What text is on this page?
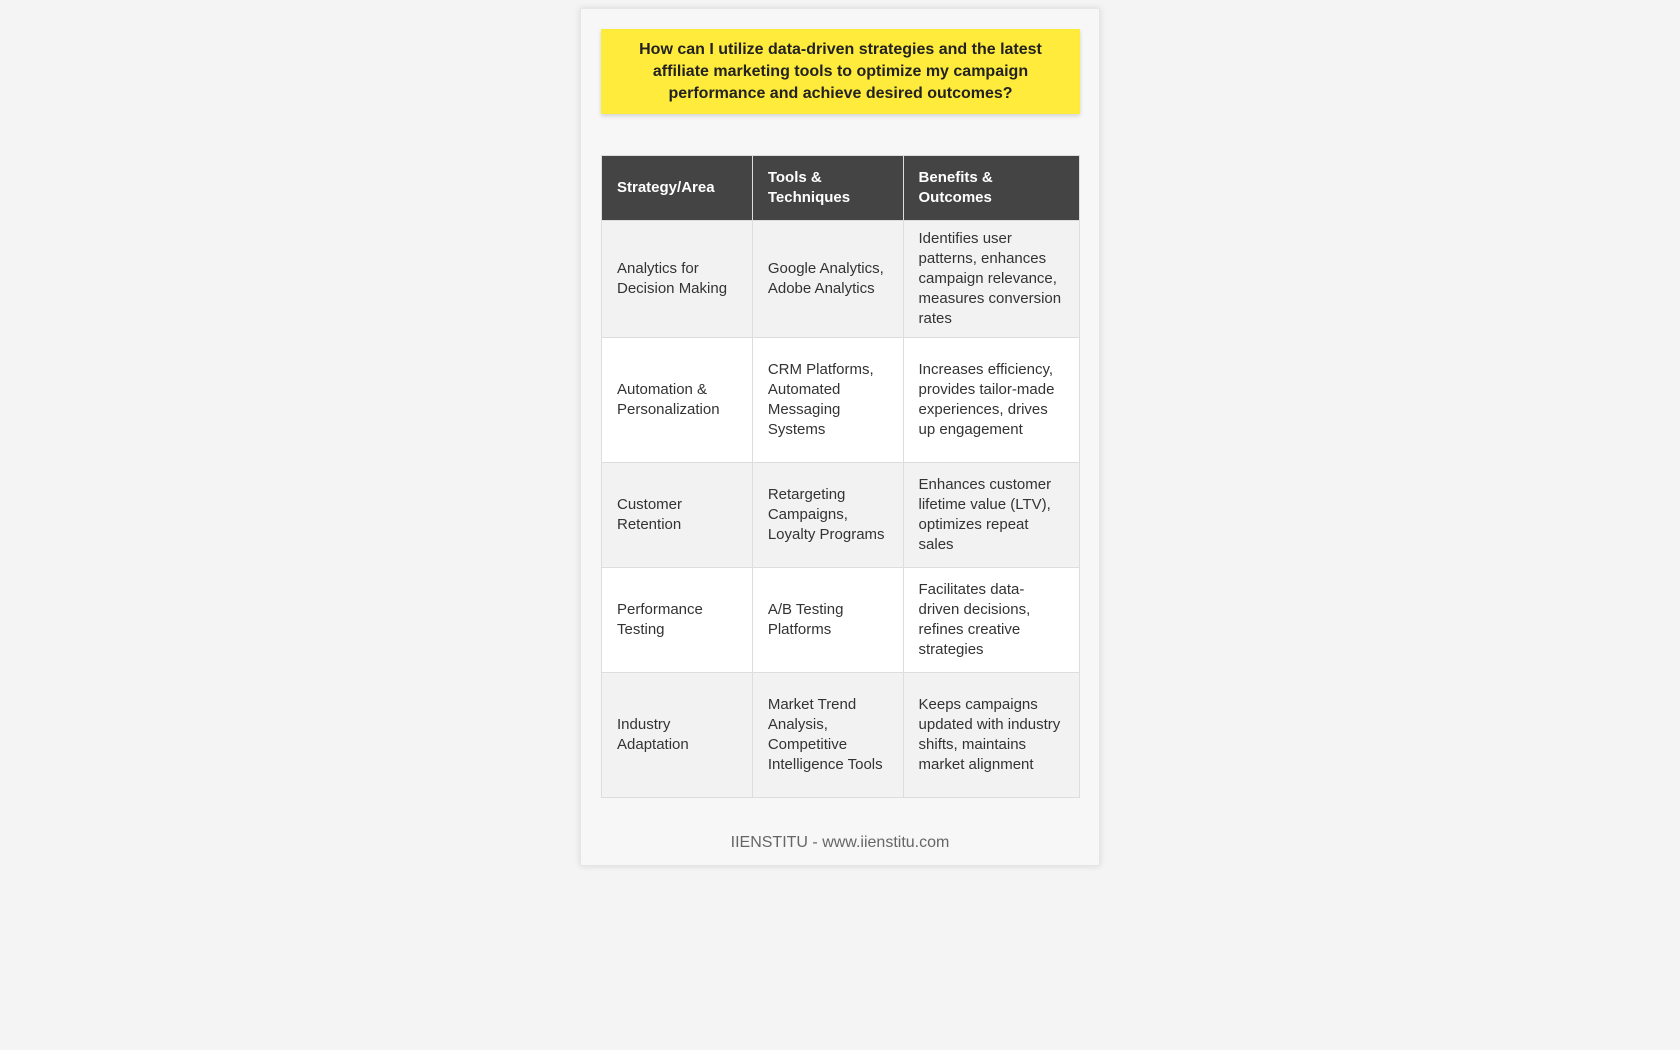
How can I utilize data-driven strategies and the latest affiliate marketing tools to optimize my campaign performance and achieve desired outcomes?
Strategy/Area	Tools & Techniques	Benefits & Outcomes
Analytics for Decision Making	Google Analytics, Adobe Analytics	Identifies user patterns, enhances campaign relevance, measures conversion rates
Automation & Personalization	CRM Platforms, Automated Messaging Systems	Increases efficiency, provides tailor-made experiences, drives up engagement
Customer Retention	Retargeting Campaigns, Loyalty Programs	Enhances customer lifetime value (LTV), optimizes repeat sales
Performance Testing	A/B Testing Platforms	Facilitates data-driven decisions, refines creative strategies
Industry Adaptation	Market Trend Analysis, Competitive Intelligence Tools	Keeps campaigns updated with industry shifts, maintains market alignment
IIENSTITU - www.iienstitu.com
